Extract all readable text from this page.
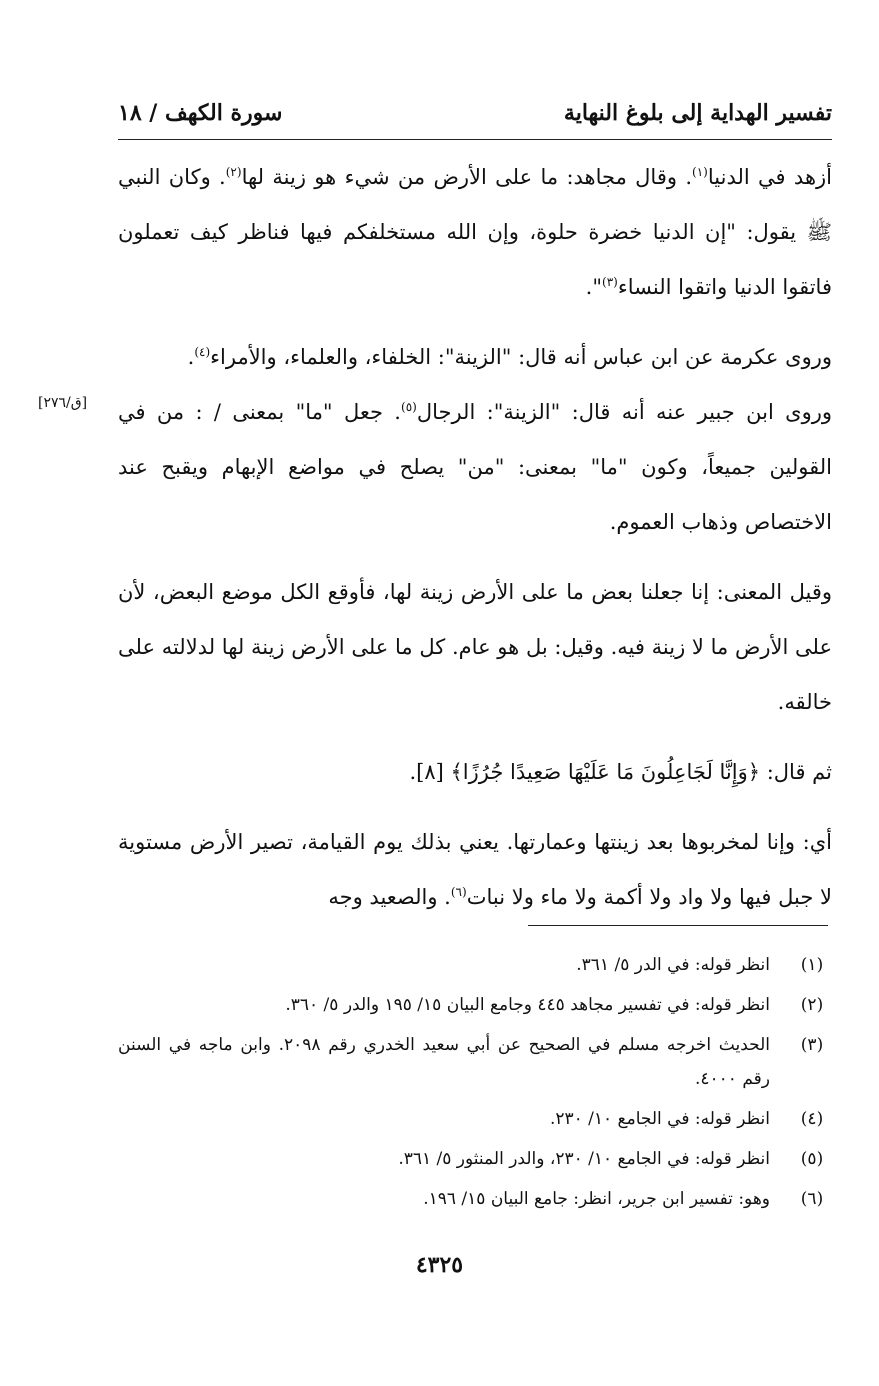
تفسير الهداية إلى بلوغ النهاية
سورة الكهف / ١٨

أزهد في الدنيا$^{(١)}$. وقال مجاهد: ما على الأرض من شيء هو زينة لها$^{(٢)}$. وكان النبي ﷺ يقول: "إن الدنيا خضرة حلوة، وإن الله مستخلفكم فيها فناظر كيف تعملون فاتقوا الدنيا واتقوا النساء$^{(٣)}$".

وروى عكرمة عن ابن عباس أنه قال: "الزينة": الخلفاء، والعلماء، والأمراء$^{(٤)}$.

وروى ابن جبير عنه أنه قال: "الزينة": الرجال$^{(٥)}$. جعل "ما" بمعنى / : من في القولين جميعاً، وكون "ما" بمعنى: "من" يصلح في مواضع الإبهام ويقبح عند الاختصاص وذهاب العموم.

وقيل المعنى: إنا جعلنا بعض ما على الأرض زينة لها، فأوقع الكل موضع البعض، لأن على الأرض ما لا زينة فيه. وقيل: بل هو عام. كل ما على الأرض زينة لها لدلالته على خالقه.

ثم قال: ﴿وَإِنَّا لَجَاعِلُونَ مَا عَلَيْهَا صَعِيدًا جُرُزًا﴾ [٨].

أي: وإنا لمخربوها بعد زينتها وعمارتها. يعني بذلك يوم القيامة، تصير الأرض مستوية لا جبل فيها ولا واد ولا أكمة ولا ماء ولا نبات$^{(٦)}$. والصعيد وجه

[ق/٢٧٦]
(١)
انظر قوله: في الدر ٥/ ٣٦١.
(٢)
انظر قوله: في تفسير مجاهد ٤٤٥ وجامع البيان ١٥/ ١٩٥ والدر ٥/ ٣٦٠.
(٣)
الحديث اخرجه مسلم في الصحيح عن أبي سعيد الخدري رقم ٢٠٩٨. وابن ماجه في السنن رقم ٤٠٠٠.
(٤)
انظر قوله: في الجامع ١٠/ ٢٣٠.
(٥)
انظر قوله: في الجامع ١٠/ ٢٣٠، والدر المنثور ٥/ ٣٦١.
(٦)
وهو: تفسير ابن جرير، انظر: جامع البيان ١٥/ ١٩٦.
٤٣٢٥
